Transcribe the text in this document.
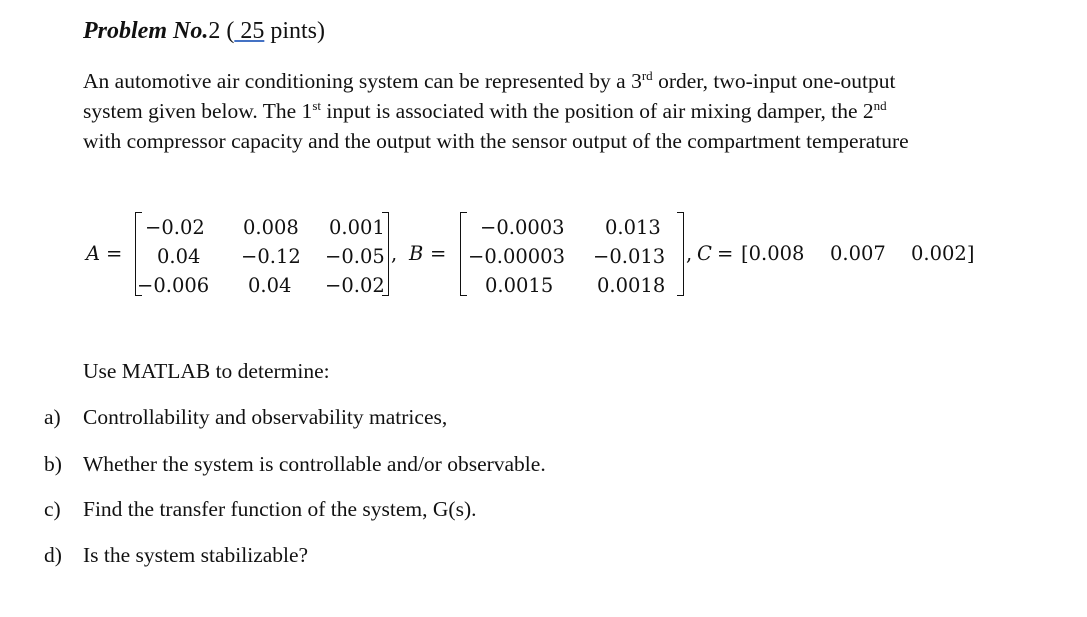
Problem No.2 ( 25 pints)
An automotive air conditioning system can be represented by a 3rd order, two-input one-output
system given below. The 1st input is associated with the position of air mixing damper, the 2nd
with compressor capacity and the output with the sensor output of the compartment temperature
A =
−0.02 0.008 0.001
0.04 −0.12 −0.05
−0.006 0.04 −0.02
, B =
−0.0003 0.013
−0.00003 −0.013
0.0015 0.0018
, C = [0.008 0.007 0.002]
Use MATLAB to determine:
a) Controllability and observability matrices,
b) Whether the system is controllable and/or observable.
c) Find the transfer function of the system, G(s).
d) Is the system stabilizable?
